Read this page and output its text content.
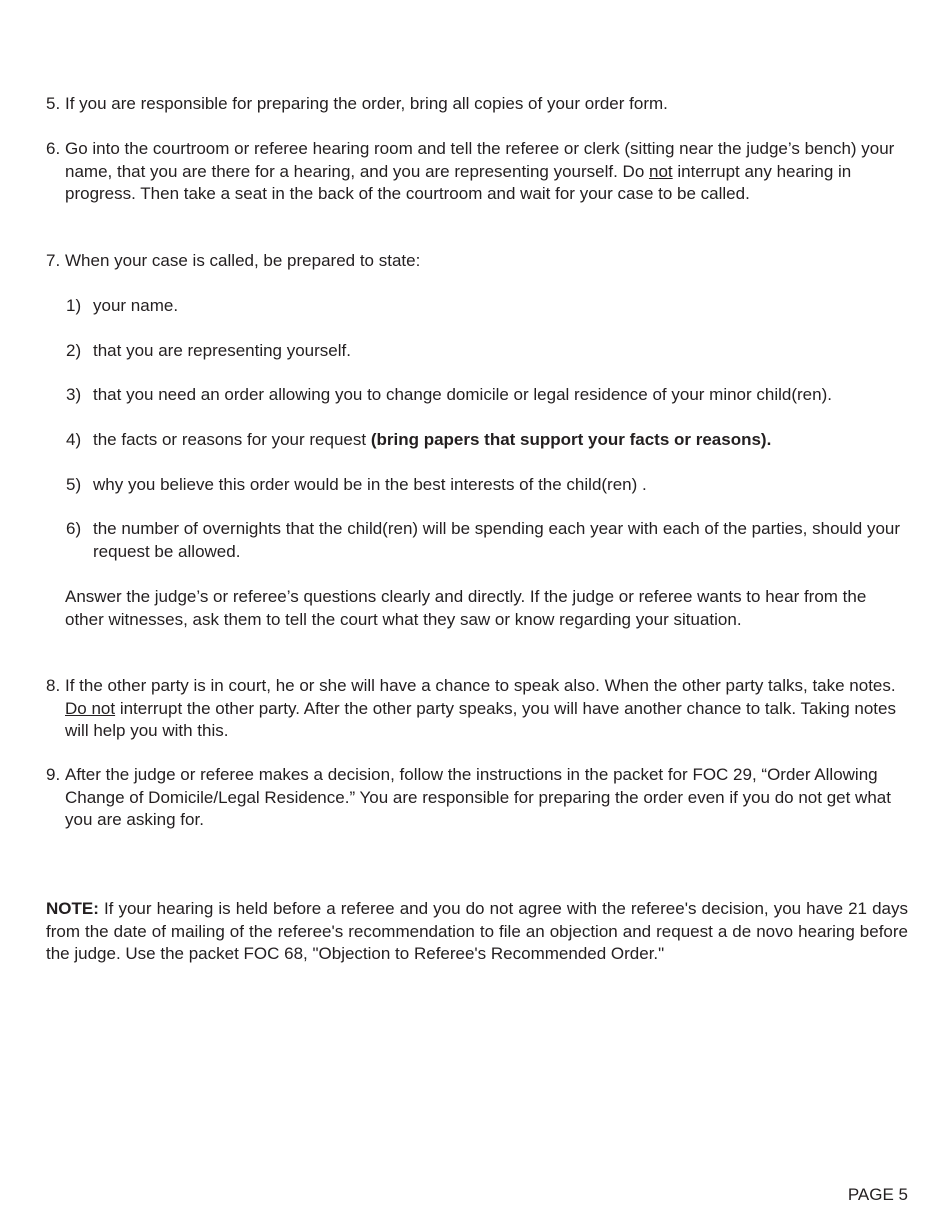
5. If you are responsible for preparing the order, bring all copies of your order form.
6. Go into the courtroom or referee hearing room and tell the referee or clerk (sitting near the judge’s bench) your name, that you are there for a hearing, and you are representing yourself. Do not interrupt any hearing in progress. Then take a seat in the back of the courtroom and wait for your case to be called.
7. When your case is called, be prepared to state:
1) your name.
2) that you are representing yourself.
3) that you need an order allowing you to change domicile or legal residence of your minor child(ren).
4) the facts or reasons for your request (bring papers that support your facts or reasons).
5) why you believe this order would be in the best interests of the child(ren) .
6) the number of overnights that the child(ren) will be spending each year with each of the parties, should your request be allowed.
Answer the judge’s or referee’s questions clearly and directly. If the judge or referee wants to hear from the other witnesses, ask them to tell the court what they saw or know regarding your situation.
8. If the other party is in court, he or she will have a chance to speak also. When the other party talks, take notes. Do not interrupt the other party. After the other party speaks, you will have another chance to talk. Taking notes will help you with this.
9. After the judge or referee makes a decision, follow the instructions in the packet for FOC 29, “Order Allowing Change of Domicile/Legal Residence.” You are responsible for preparing the order even if you do not get what you are asking for.
NOTE: If your hearing is held before a referee and you do not agree with the referee's decision, you have 21 days from the date of mailing of the referee's recommendation to file an objection and request a de novo hearing before the judge. Use the packet FOC 68, "Objection to Referee's Recommended Order."
PAGE 5
